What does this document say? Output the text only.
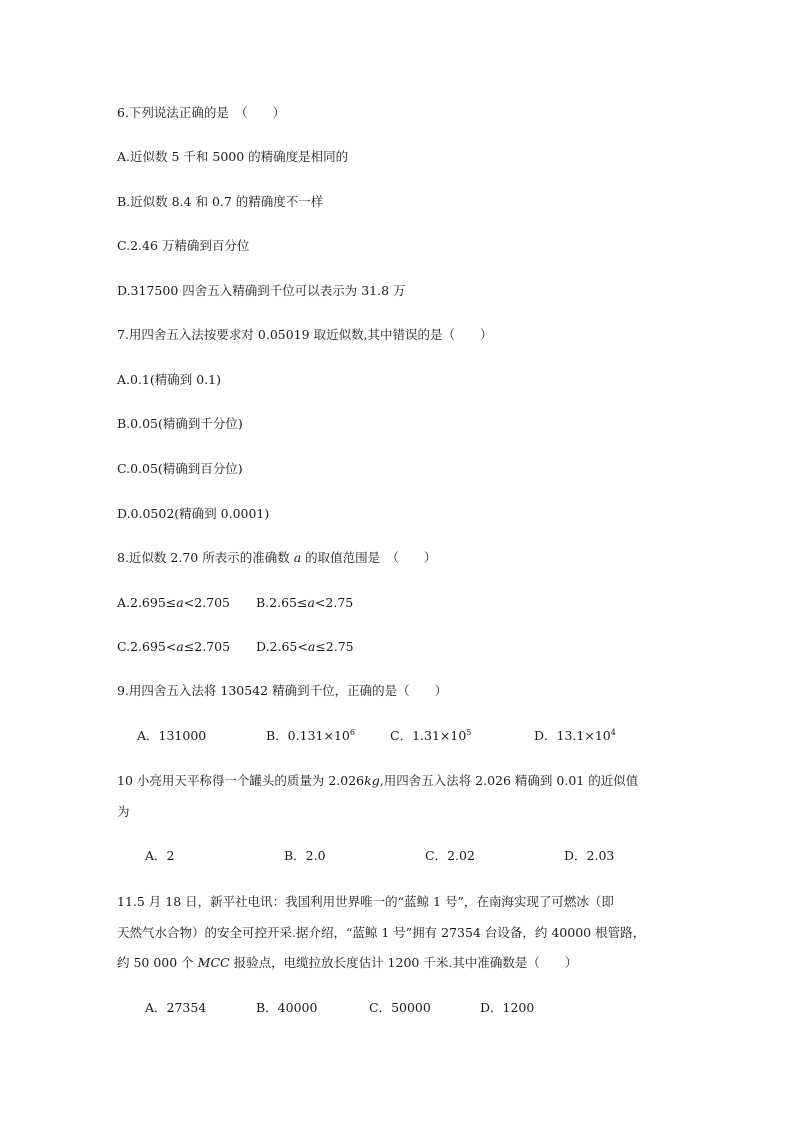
6.下列说法正确的是　（　　）
A.近似数 5 千和 5000 的精确度是相同的
B.近似数 8.4 和 0.7 的精确度不一样
C.2.46 万精确到百分位
D.317500 四舍五入精确到千位可以表示为 31.8 万
7.用四舍五入法按要求对 0.05019 取近似数,其中错误的是（　　）
A.0.1(精确到 0.1)
B.0.05(精确到千分位)
C.0.05(精确到百分位)
D.0.0502(精确到 0.0001)
8.近似数 2.70 所表示的准确数 a 的取值范围是　（　　）
A.2.695≤a<2.705 B.2.65≤a<2.75
C.2.695<a≤2.705 D.2.65<a≤2.75
9.用四舍五入法将 130542 精确到千位，正确的是（　　）
A．131000	B．$0.131\times 10^6$	C．$1.31\times 10^5$	D．$13.1\times 10^4$
10 小亮用天平称得一个罐头的质量为 2.026kg,用四舍五入法将 2.026 精确到 0.01 的近似值
为
A．2	B．2.0	C．2.02	D．2.03
11.5 月 18 日，新平社电讯：我国利用世界唯一的“蓝鲸 1 号”，在南海实现了可燃冰（即
天然气水合物）的安全可控开采.据介绍，“蓝鲸 1 号”拥有 27354 台设备，约 40000 根管路，
约 50 000 个 MCC 报验点，电缆拉放长度估计 1200 千米.其中准确数是（　　）
A．27354	B．40000	C．50000	D．1200
